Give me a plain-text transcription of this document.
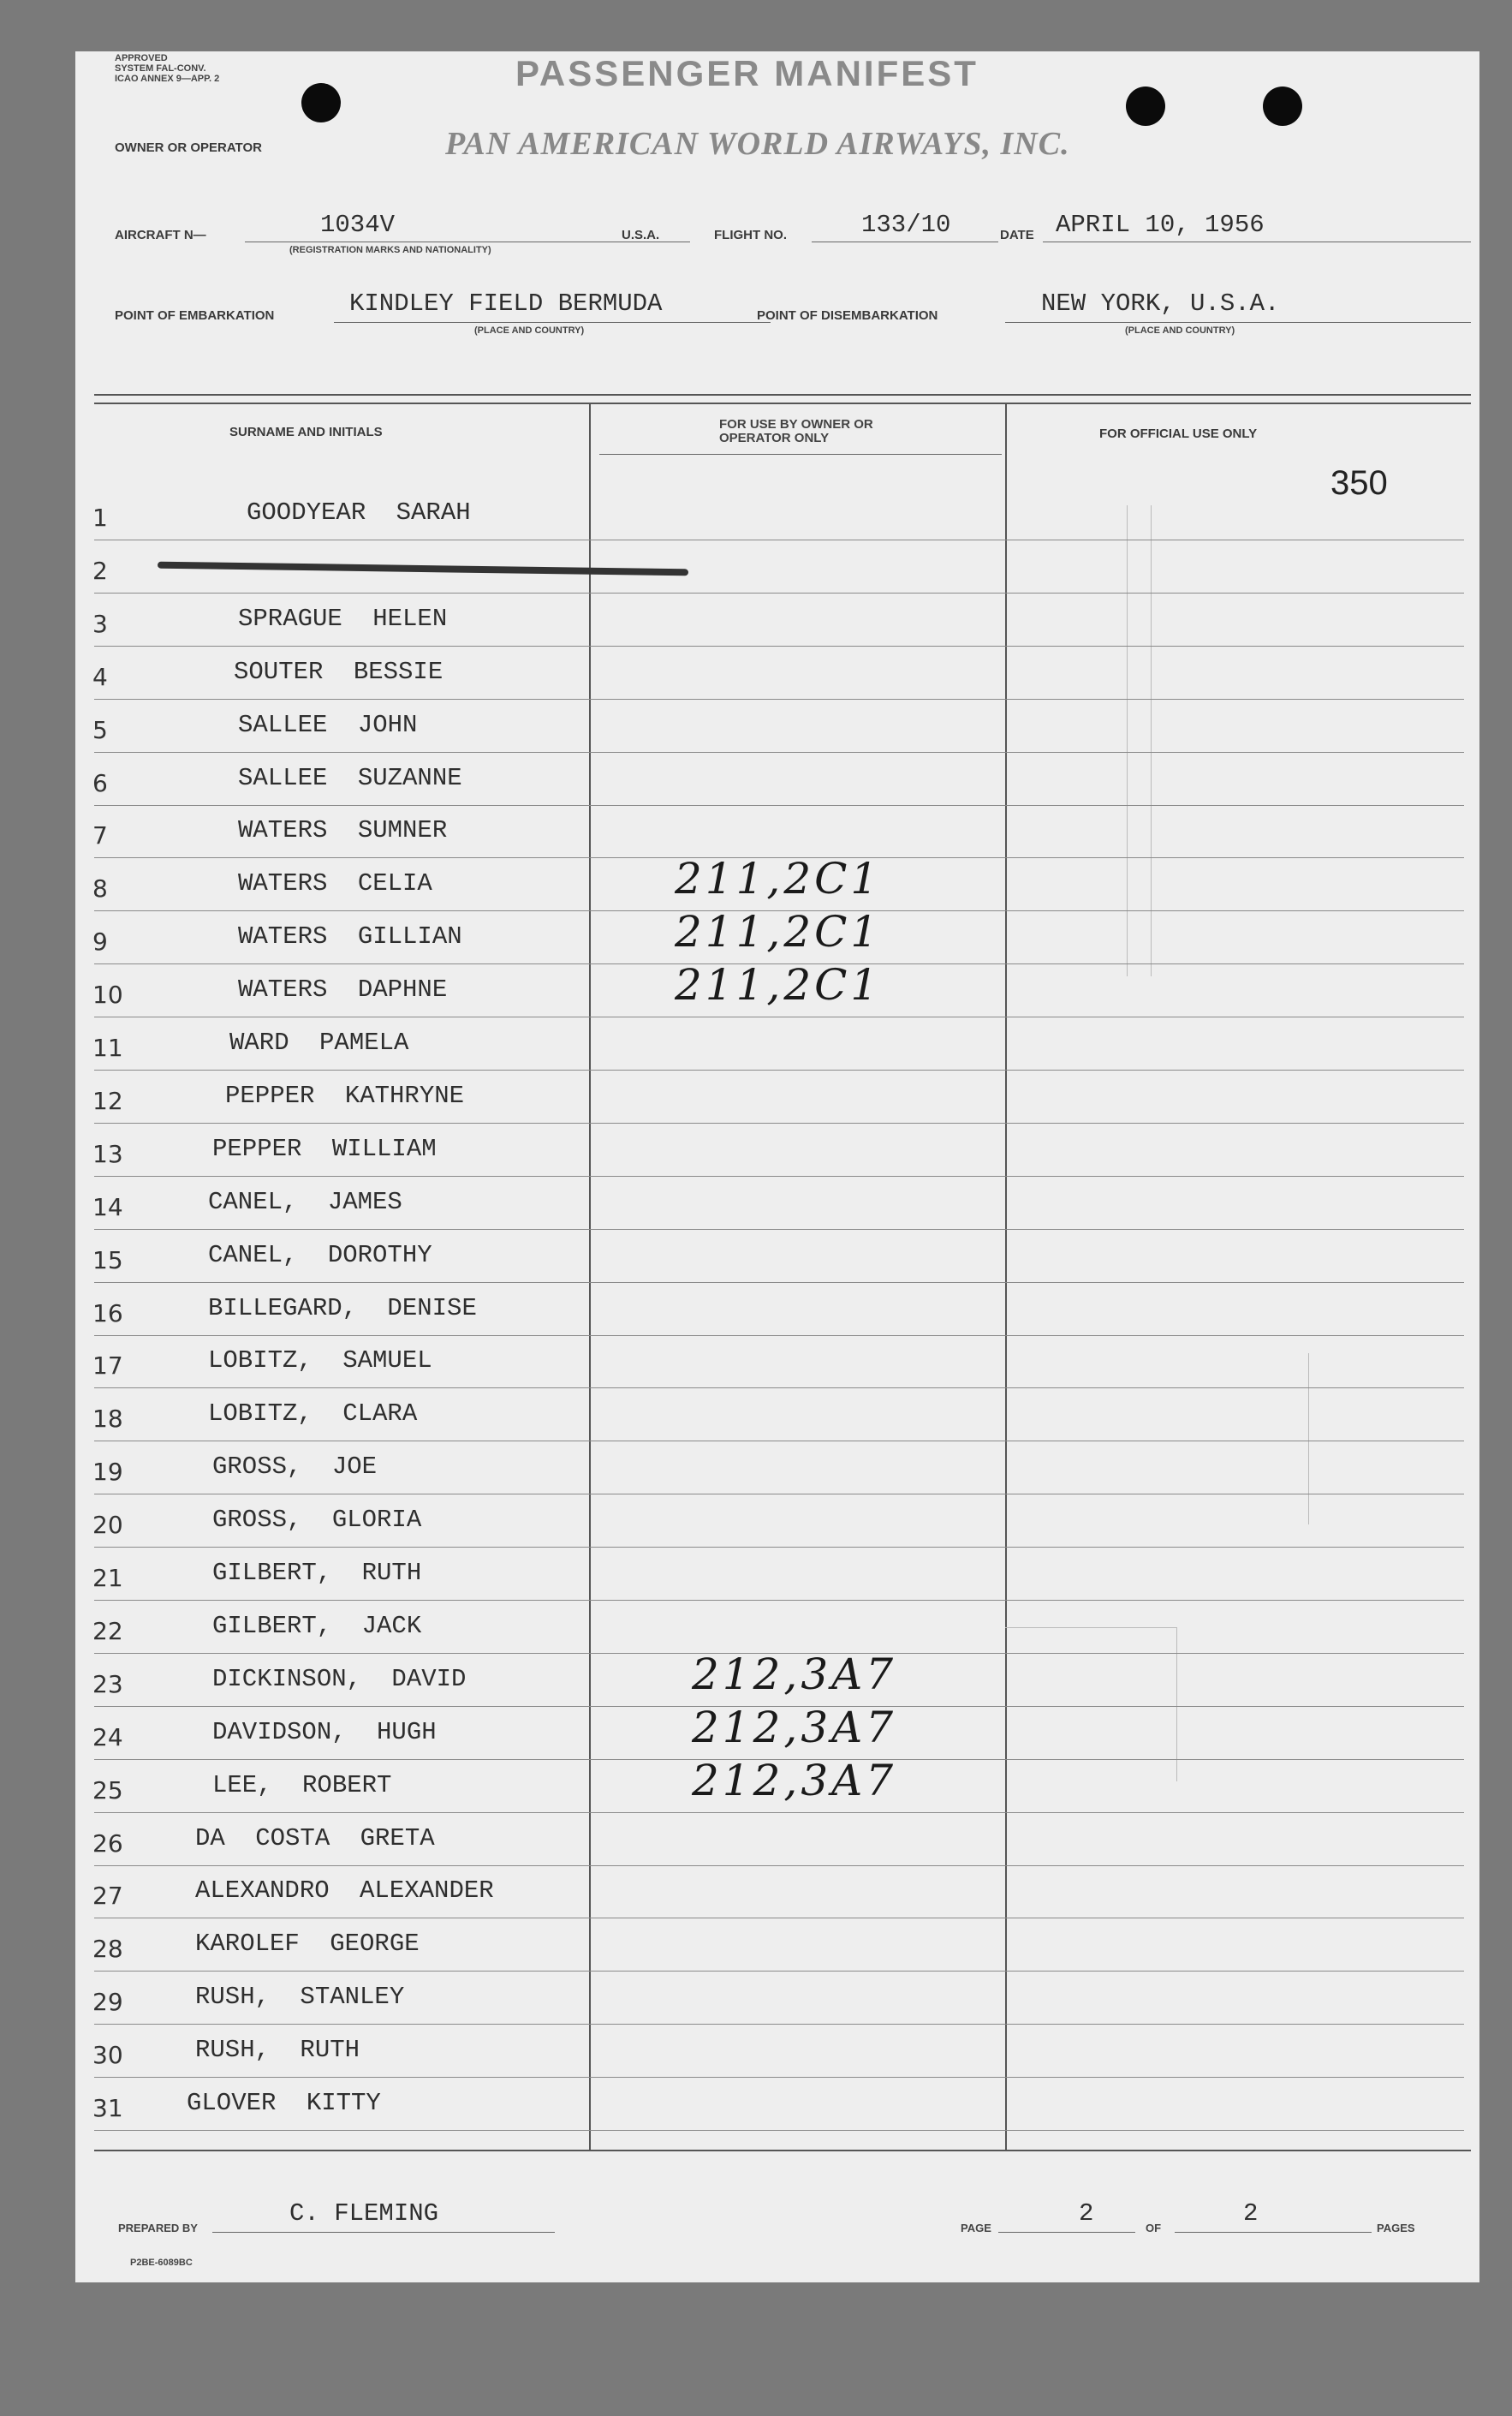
APPROVED
SYSTEM FAL-CONV.
ICAO ANNEX 9—APP. 2	PASSENGER MANIFEST
OWNER OR OPERATOR	PAN AMERICAN WORLD AIRWAYS, INC.
AIRCRAFT N—	1034V
(REGISTRATION MARKS AND NATIONALITY)
U.S.A.	FLIGHT NO.	133/10	DATE APRIL 10, 1956
POINT OF EMBARKATION	KINDLEY FIELD BERMUDA
(PLACE AND COUNTRY)
POINT OF DISEMBARKATION	NEW YORK, U.S.A.
(PLACE AND COUNTRY)
SURNAME AND INITIALS
FOR USE BY OWNER OR OPERATOR ONLY	FOR OFFICIAL USE ONLY
350
1	GOODYEAR SARAH
2
3	SPRAGUE HELEN
4	SOUTER BESSIE
5	SALLEE JOHN
6	SALLEE SUZANNE
7	WATERS SUMNER
8	WATERS CELIA	211,2C1
9	WATERS GILLIAN	211,2C1
10	WATERS DAPHNE	211,2C1
11	WARD PAMELA
12	PEPPER KATHRYNE
13	PEPPER WILLIAM
14	CANEL, JAMES
15	CANEL, DOROTHY
16	BILLEGARD, DENISE
17	LOBITZ, SAMUEL
18	LOBITZ, CLARA
19	GROSS, JOE
20	GROSS, GLORIA
21	GILBERT, RUTH
22	GILBERT, JACK
23	DICKINSON, DAVID	212,3A7
24	DAVIDSON, HUGH	212,3A7
25	LEE, ROBERT	212,3A7
26	DA COSTA GRETA
27	ALEXANDRO ALEXANDER
28	KAROLEF GEORGE
29	RUSH, STANLEY
30	RUSH, RUTH
31	GLOVER KITTY
PREPARED BY
C. FLEMING
PAGE
2
OF
2
PAGES
P2BE-6089BC
